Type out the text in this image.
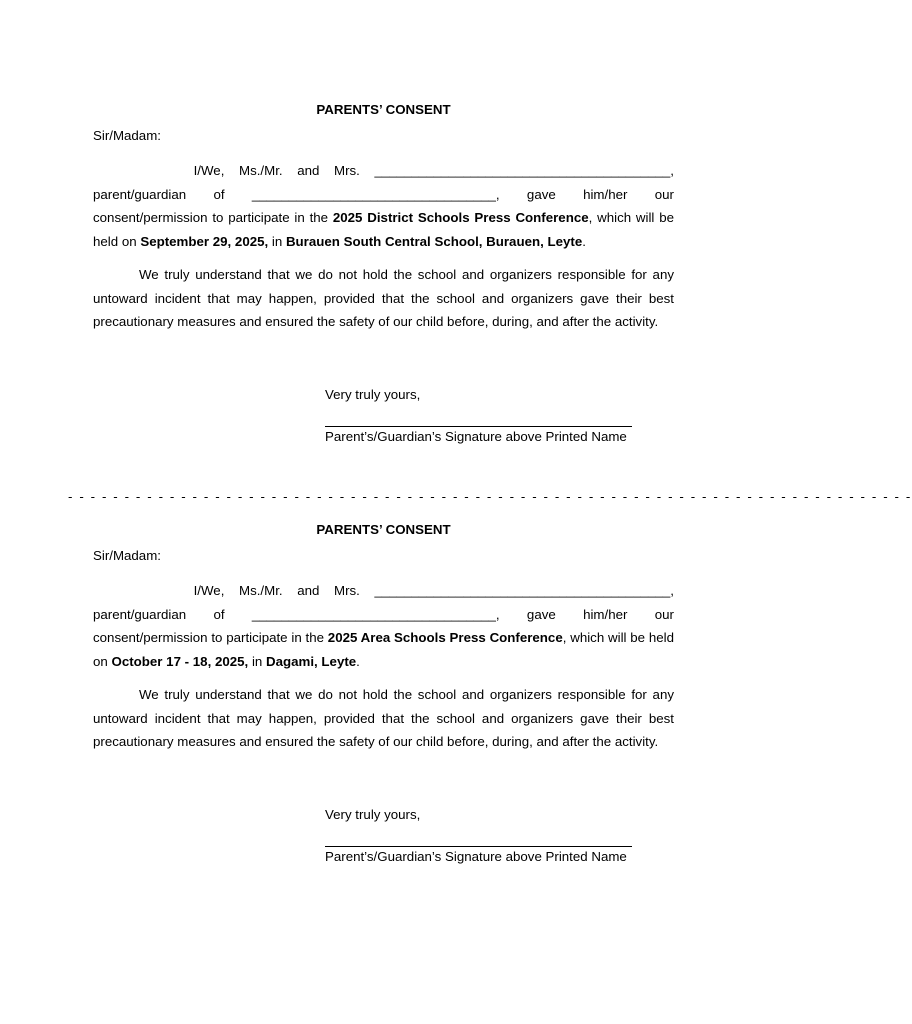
PARENTS’ CONSENT
Sir/Madam:
I/We, Ms./Mr. and Mrs. ________________________________________,
parent/guardian of _________________________________, gave him/her our

consent/permission to participate in the 2025 District Schools Press Conference, which will be held on September 29, 2025, in Burauen South Central School, Burauen, Leyte.

We truly understand that we do not hold the school and organizers responsible for any untoward incident that may happen, provided that the school and organizers gave their best precautionary measures and ensured the safety of our child before, during, and after the activity.

Very truly yours,
Parent’s/Guardian’s Signature above Printed Name
- - - - - - - - - - - - - - - - - - - - - - - - - - - - - - - - - - - - - - - - - - - - - - - - - - - - - - - - - - - - - - - - - - - - - - - - - - -
PARENTS’ CONSENT
Sir/Madam:
I/We, Ms./Mr. and Mrs. ________________________________________,
parent/guardian of _________________________________, gave him/her our

consent/permission to participate in the 2025 Area Schools Press Conference, which will be held on October 17 - 18, 2025, in Dagami, Leyte.

We truly understand that we do not hold the school and organizers responsible for any untoward incident that may happen, provided that the school and organizers gave their best precautionary measures and ensured the safety of our child before, during, and after the activity.

Very truly yours,
Parent’s/Guardian’s Signature above Printed Name
